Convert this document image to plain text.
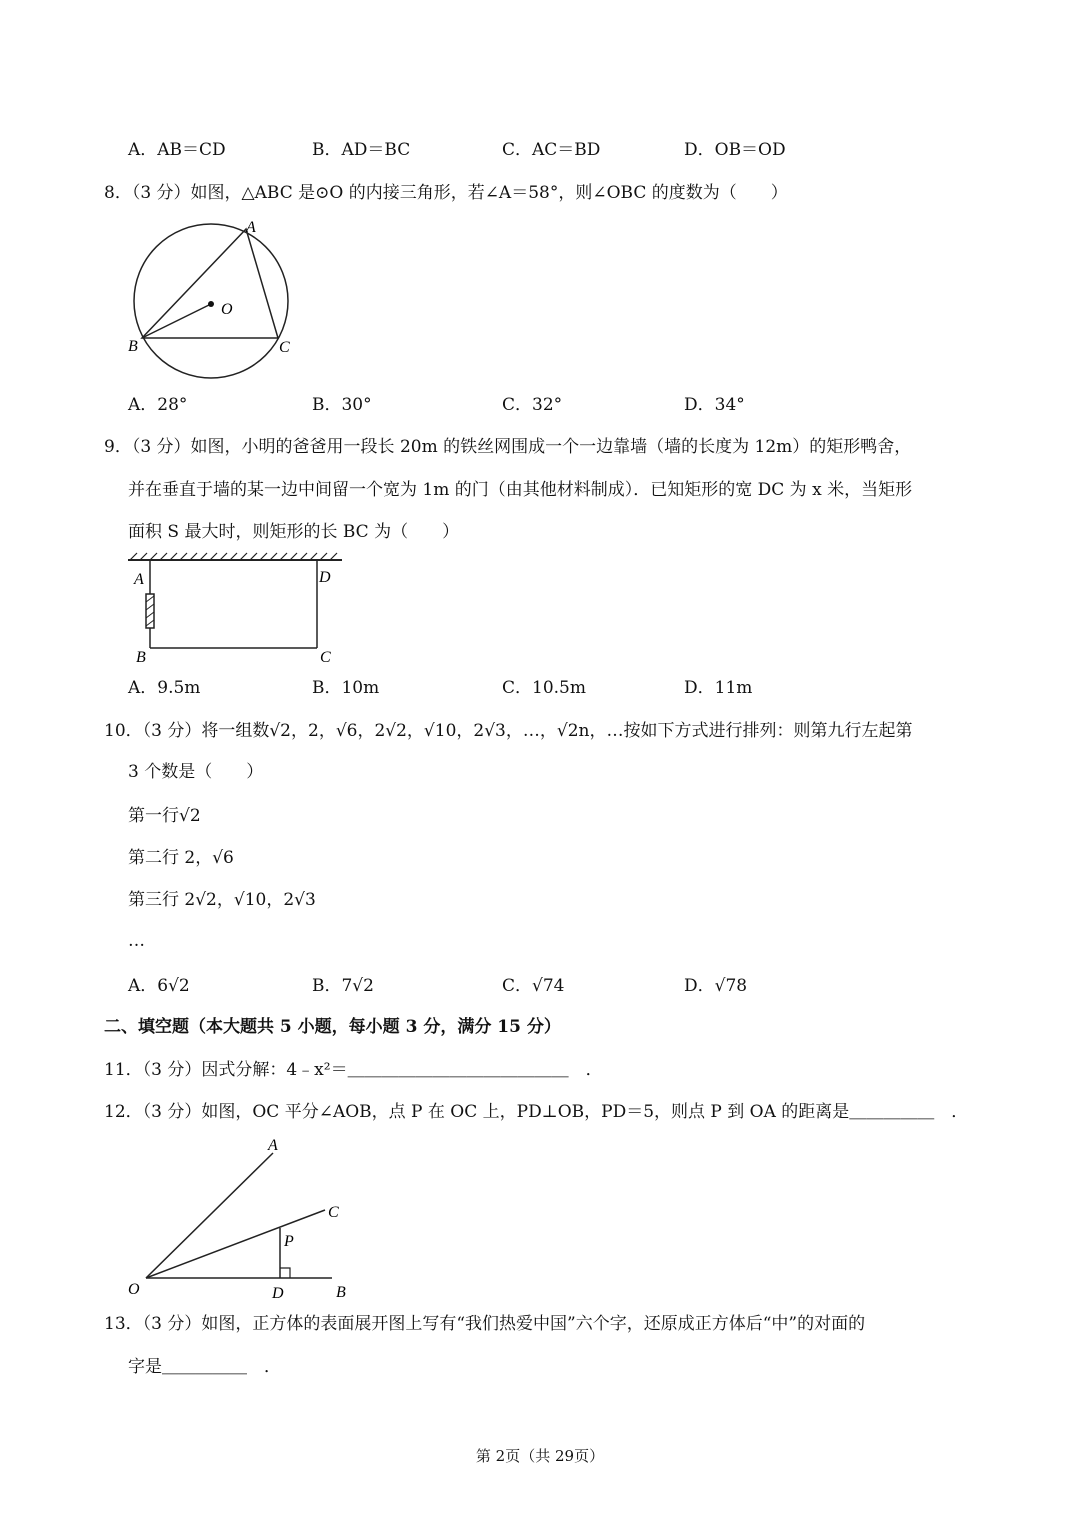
A．AB＝CD	B．AD＝BC	C．AC＝BD	D．OB＝OD
8．（3 分）如图，△ABC 是⊙O 的内接三角形，若∠A＝58°，则∠OBC 的度数为（　　）
A
B	C
O
A．28°	B．30°	C．32°	D．34°
9．（3 分）如图，小明的爸爸用一段长 20m 的铁丝网围成一个一边靠墙（墙的长度为 12m）的矩形鸭舍，
并在垂直于墙的某一边中间留一个宽为 1m 的门（由其他材料制成）．已知矩形的宽 DC 为 x 米，当矩形
面积 S 最大时，则矩形的长 BC 为（　　）
A
B	C
D
A．9.5m	B．10m	C．10.5m	D．11m
10．（3 分）将一组数√2，2，√6，2√2，√10，2√3，…，√2n，…按如下方式进行排列：则第九行左起第
3 个数是（　　）
第一行√2
第二行 2，√6
第三行 2√2，√10，2√3
…
A．6√2	B．7√2	C．√74	D．√78
二、填空题（本大题共 5 小题，每小题 3 分，满分 15 分）
11．（3 分）因式分解：4﹣x²＝＿＿＿＿＿＿＿＿＿＿＿＿＿　．
12．（3 分）如图，OC 平分∠AOB，点 P 在 OC 上，PD⊥OB，PD＝5，则点 P 到 OA 的距离是＿＿＿＿＿　．
A
B
C
D
O
P
13．（3 分）如图，正方体的表面展开图上写有“我们热爱中国”六个字，还原成正方体后“中”的对面的
字是＿＿＿＿＿　．
第 2页（共 29页）
